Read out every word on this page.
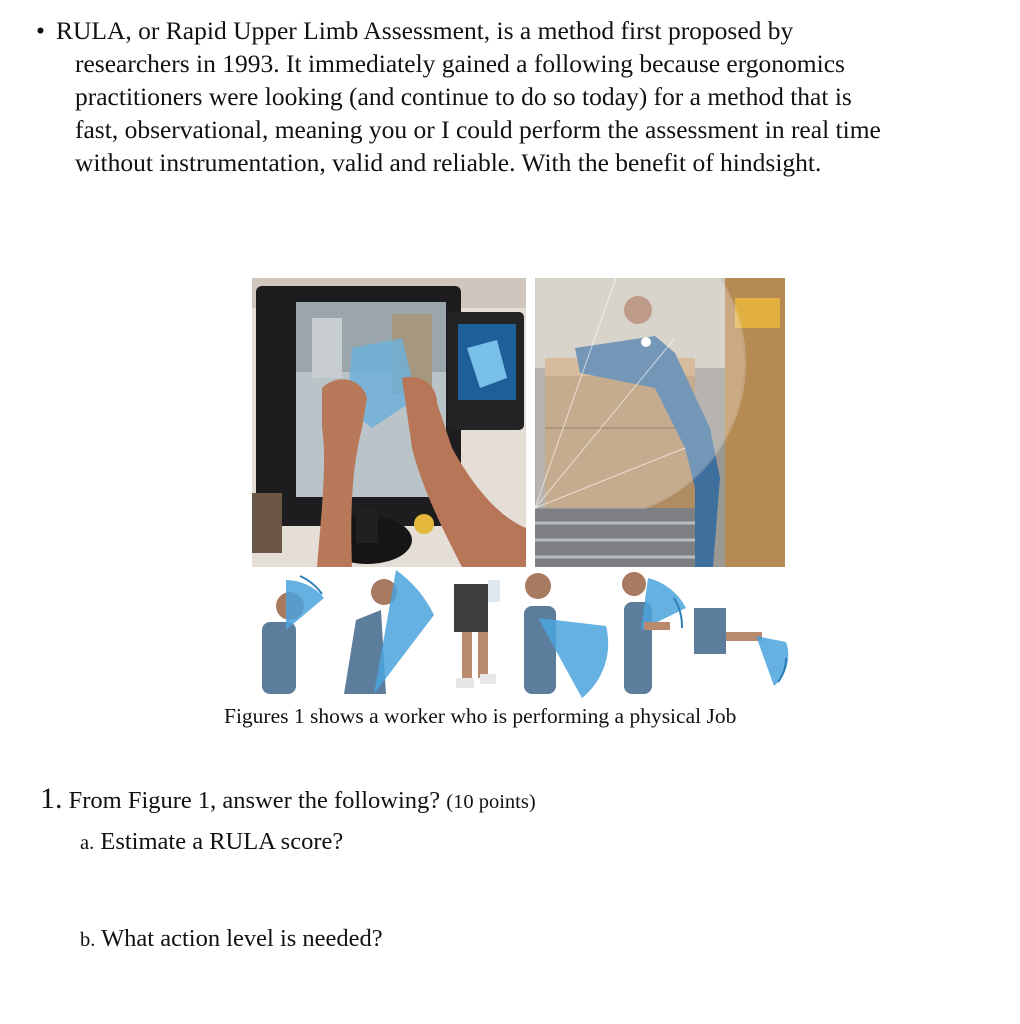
• RULA, or Rapid Upper Limb Assessment, is a method first proposed by
researchers in 1993. It immediately gained a following because ergonomics
practitioners were looking (and continue to do so today) for a method that is
fast, observational, meaning you or I could perform the assessment in real time
without instrumentation, valid and reliable. With the benefit of hindsight.
Figures 1 shows a worker who is performing a physical Job
1. From Figure 1, answer the following? (10 points)
a. Estimate a RULA score?
b. What action level is needed?
